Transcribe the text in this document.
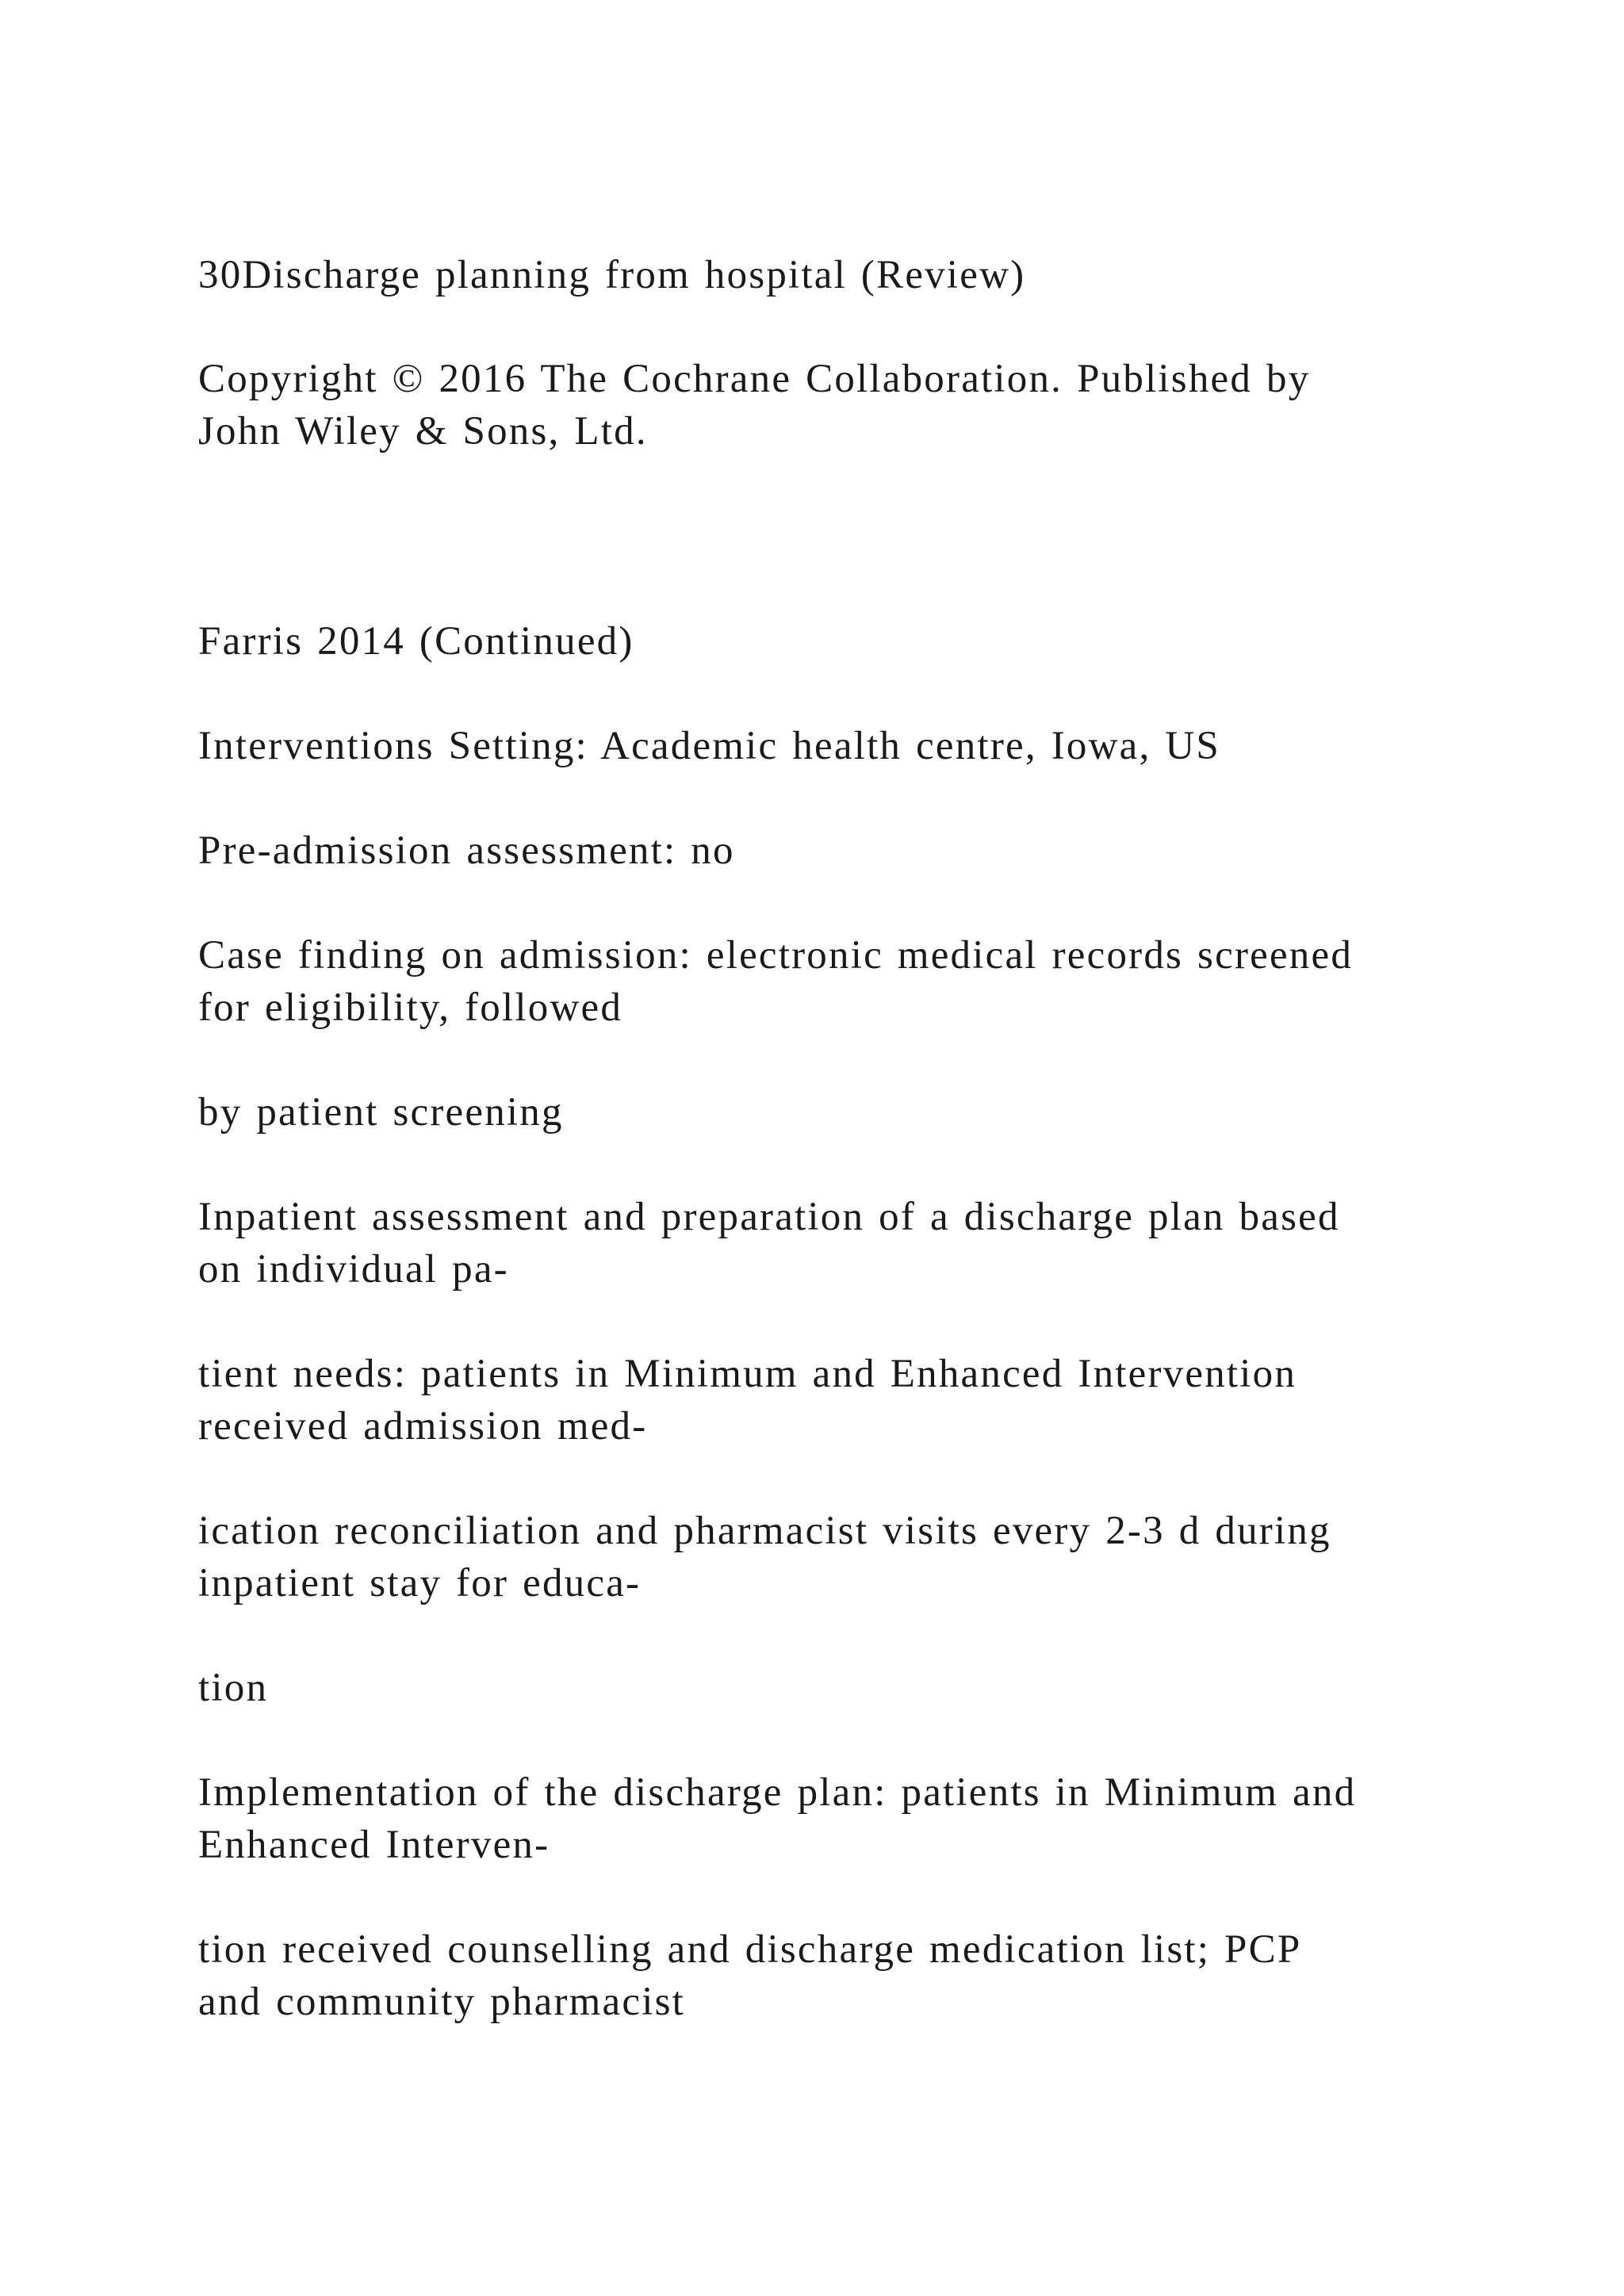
30Discharge planning from hospital (Review)

Copyright © 2016 The Cochrane Collaboration. Published by
John Wiley & Sons, Ltd.

Farris 2014 (Continued)

Interventions Setting: Academic health centre, Iowa, US

Pre-admission assessment: no

Case finding on admission: electronic medical records screened
for eligibility, followed

by patient screening

Inpatient assessment and preparation of a discharge plan based
on individual pa-

tient needs: patients in Minimum and Enhanced Intervention
received admission med-

ication reconciliation and pharmacist visits every 2-3 d during
inpatient stay for educa-

tion

Implementation of the discharge plan: patients in Minimum and
Enhanced Interven-

tion received counselling and discharge medication list; PCP
and community pharmacist
